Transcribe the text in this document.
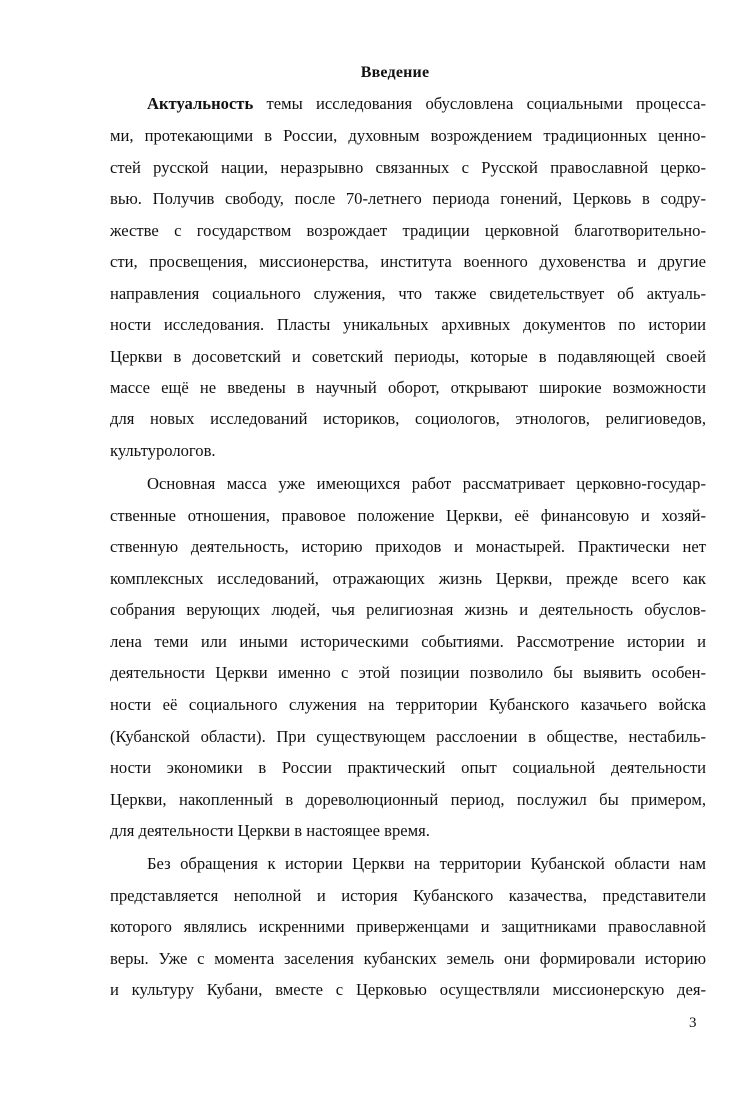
Введение
Актуальность темы исследования обусловлена социальными процесса-
ми, протекающими в России, духовным возрождением традиционных ценно-
стей русской нации, неразрывно связанных с Русской православной церко-
вью. Получив свободу, после 70-летнего периода гонений, Церковь в содру-
жестве с государством возрождает традиции церковной благотворительно-
сти, просвещения, миссионерства, института военного духовенства и другие
направления социального служения, что также свидетельствует об актуаль-
ности исследования. Пласты уникальных архивных документов по истории
Церкви в досоветский и советский периоды, которые в подавляющей своей
массе ещё не введены в научный оборот, открывают широкие возможности
для новых исследований историков, социологов, этнологов, религиоведов,
культурологов.
Основная масса уже имеющихся работ рассматривает церковно-государ-
ственные отношения, правовое положение Церкви, её финансовую и хозяй-
ственную деятельность, историю приходов и монастырей. Практически нет
комплексных исследований, отражающих жизнь Церкви, прежде всего как
собрания верующих людей, чья религиозная жизнь и деятельность обуслов-
лена теми или иными историческими событиями. Рассмотрение истории и
деятельности Церкви именно с этой позиции позволило бы выявить особен-
ности её социального служения на территории Кубанского казачьего войска
(Кубанской области). При существующем расслоении в обществе, нестабиль-
ности экономики в России практический опыт социальной деятельности
Церкви, накопленный в дореволюционный период, послужил бы примером,
для деятельности Церкви в настоящее время.
Без обращения к истории Церкви на территории Кубанской области нам
представляется неполной и история Кубанского казачества, представители
которого являлись искренними приверженцами и защитниками православной
веры. Уже с момента заселения кубанских земель они формировали историю
и культуру Кубани, вместе с Церковью осуществляли миссионерскую дея-
3
